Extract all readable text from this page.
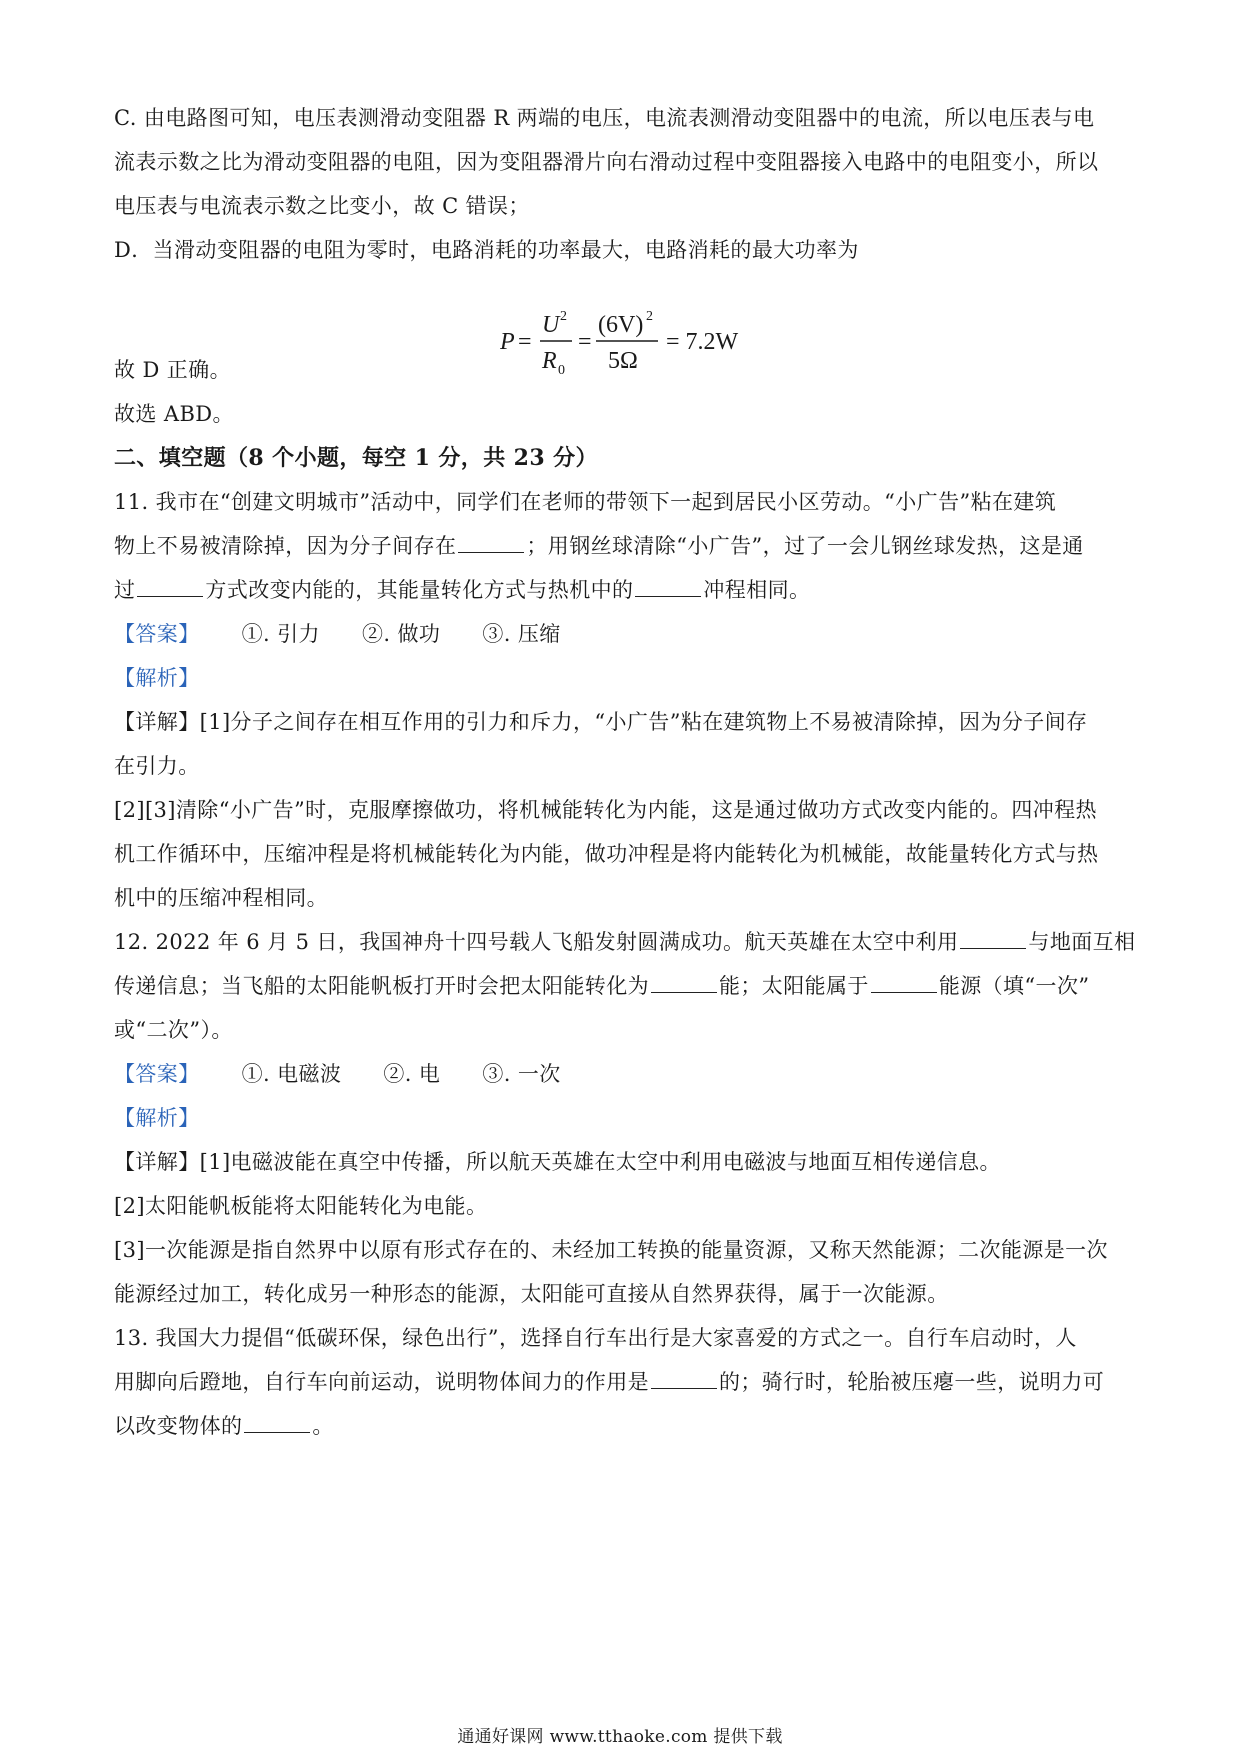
C. 由电路图可知，电压表测滑动变阻器 R 两端的电压，电流表测滑动变阻器中的电流，所以电压表与电
流表示数之比为滑动变阻器的电阻，因为变阻器滑片向右滑动过程中变阻器接入电路中的电阻变小，所以
电压表与电流表示数之比变小，故 C 错误；
D．当滑动变阻器的电阻为零时，电路消耗的功率最大，电路消耗的最大功率为
P =
U 2
R 0
=
(6V) 2
5Ω
= 7.2W
故 D 正确。
故选 ABD。
二、填空题（8 个小题，每空 1 分，共 23 分）
11. 我市在“创建文明城市”活动中，同学们在老师的带领下一起到居民小区劳动。“小广告”粘在建筑
物上不易被清除掉，因为分子间存在	；用钢丝球清除“小广告”，过了一会儿钢丝球发热，这是通
过	方式改变内能的，其能量转化方式与热机中的	冲程相同。
【答案】 ①. 引力 ②. 做功 ③. 压缩
【解析】
【详解】[1]分子之间存在相互作用的引力和斥力，“小广告”粘在建筑物上不易被清除掉，因为分子间存
在引力。
[2][3]清除“小广告”时，克服摩擦做功，将机械能转化为内能，这是通过做功方式改变内能的。四冲程热
机工作循环中，压缩冲程是将机械能转化为内能，做功冲程是将内能转化为机械能，故能量转化方式与热
机中的压缩冲程相同。
12. 2022 年 6 月 5 日，我国神舟十四号载人飞船发射圆满成功。航天英雄在太空中利用	与地面互相
传递信息；当飞船的太阳能帆板打开时会把太阳能转化为	能；太阳能属于	能源（填“一次”
或“二次”）。
【答案】 ①. 电磁波 ②. 电 ③. 一次
【解析】
【详解】[1]电磁波能在真空中传播，所以航天英雄在太空中利用电磁波与地面互相传递信息。
[2]太阳能帆板能将太阳能转化为电能。
[3]一次能源是指自然界中以原有形式存在的、未经加工转换的能量资源，又称天然能源；二次能源是一次
能源经过加工，转化成另一种形态的能源，太阳能可直接从自然界获得，属于一次能源。
13. 我国大力提倡“低碳环保，绿色出行”，选择自行车出行是大家喜爱的方式之一。自行车启动时，人
用脚向后蹬地，自行车向前运动，说明物体间力的作用是	的；骑行时，轮胎被压瘪一些，说明力可
以改变物体的	。
通通好课网 www.tthaoke.com 提供下载
